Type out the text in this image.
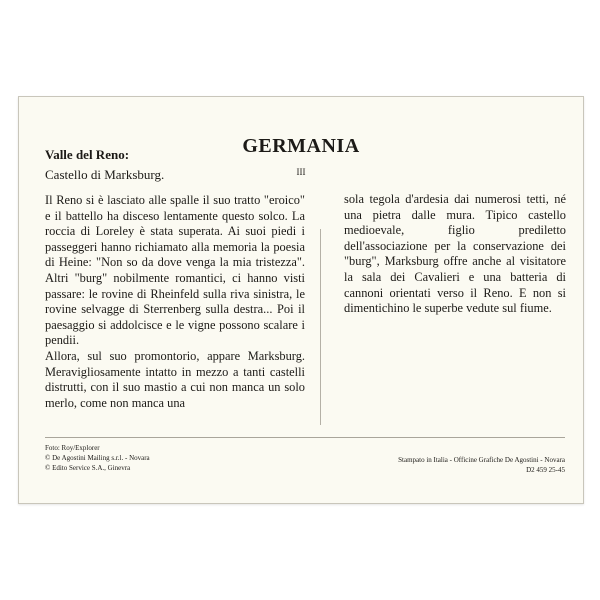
GERMANIA
III
Valle del Reno:
Castello di Marksburg.

Il Reno si è lasciato alle spalle il suo tratto "eroico" e il battello ha disceso lentamente questo solco. La roccia di Loreley è stata superata. Ai suoi piedi i passeggeri hanno richiamato alla memoria la poesia di Heine: "Non so da dove venga la mia tristezza". Altri "burg" nobilmente romantici, ci hanno visti passare: le rovine di Rheinfeld sulla riva sinistra, le rovine selvagge di Sterrenberg sulla destra... Poi il paesaggio si addolcisce e le vigne possono scalare i pendii.

Allora, sul suo promontorio, appare Marksburg. Meravigliosamente intatto in mezzo a tanti castelli distrutti, con il suo mastio a cui non manca un solo merlo, come non manca una

sola tegola d'ardesia dai numerosi tetti, né una pietra dalle mura. Tipico castello medioevale, figlio prediletto dell'associazione per la conservazione dei "burg", Marksburg offre anche al visitatore la sala dei Cavalieri e una batteria di cannoni orientati verso il Reno. E non si dimentichino le superbe vedute sul fiume.

Foto: Roy/Explorer
© De Agostini Mailing s.r.l. - Novara
© Edito Service S.A., Ginevra
Stampato in Italia - Officine Grafiche De Agostini - Novara
D2 459 25-45
